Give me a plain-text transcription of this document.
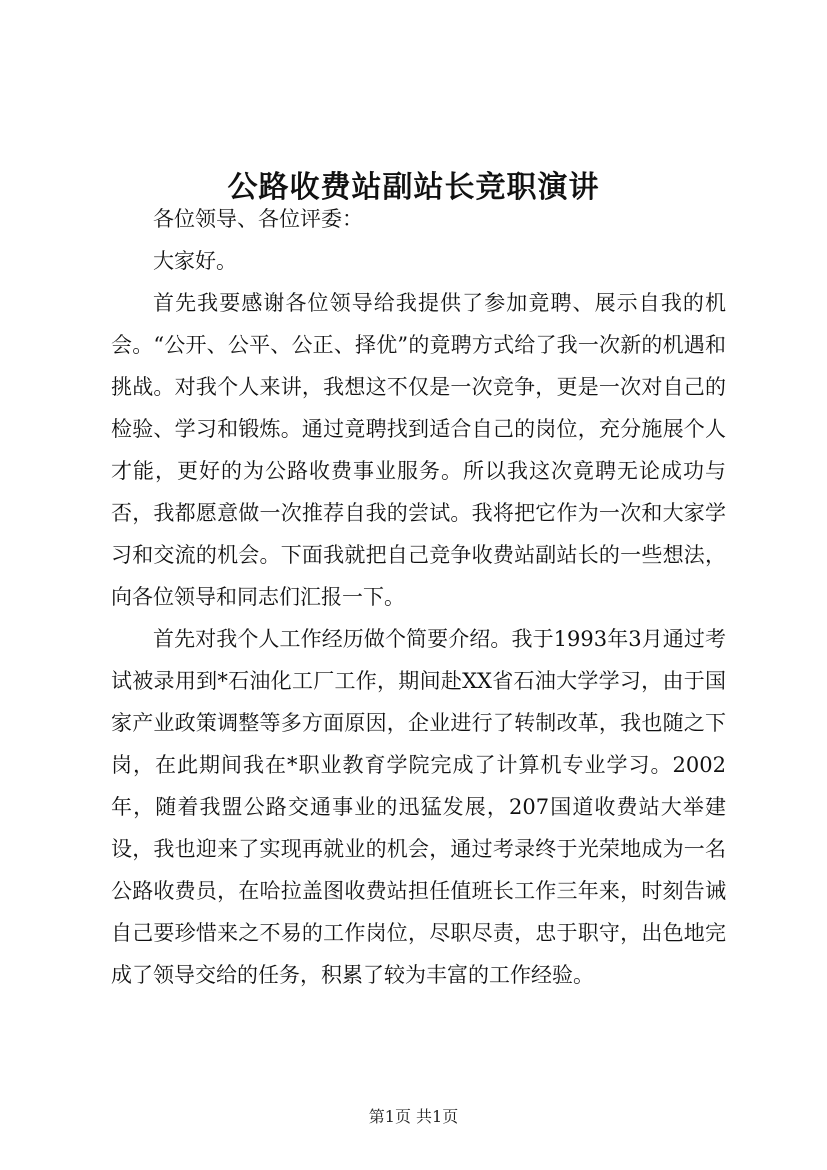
公路收费站副站长竞职演讲

各位领导、各位评委：

大家好。

首先我要感谢各位领导给我提供了参加竟聘、展示自我的机会。“公开、公平、公正、择优”的竟聘方式给了我一次新的机遇和挑战。对我个人来讲，我想这不仅是一次竞争，更是一次对自己的检验、学习和锻炼。通过竟聘找到适合自己的岗位，充分施展个人才能，更好的为公路收费事业服务。所以我这次竟聘无论成功与否，我都愿意做一次推荐自我的尝试。我将把它作为一次和大家学习和交流的机会。下面我就把自己竞争收费站副站长的一些想法，向各位领导和同志们汇报一下。

首先对我个人工作经历做个简要介绍。我于1993年3月通过考试被录用到*石油化工厂工作，期间赴XX省石油大学学习，由于国家产业政策调整等多方面原因，企业进行了转制改革，我也随之下岗，在此期间我在*职业教育学院完成了计算机专业学习。2002年，随着我盟公路交通事业的迅猛发展，207国道收费站大举建设，我也迎来了实现再就业的机会，通过考录终于光荣地成为一名公路收费员，在哈拉盖图收费站担任值班长工作三年来，时刻告诫自己要珍惜来之不易的工作岗位，尽职尽责，忠于职守，出色地完成了领导交给的任务，积累了较为丰富的工作经验。

第1页 共1页
